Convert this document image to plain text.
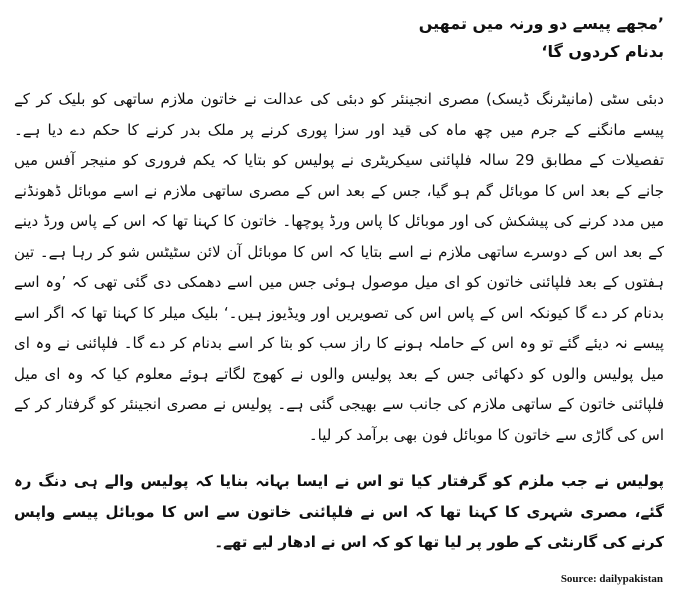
’مجھے پیسے دو ورنہ میں تمھیں بدنام کردوں گا‘

دبئی سٹی (مانیٹرنگ ڈیسک) مصری انجینئر کو دبئی کی عدالت نے خاتون ملازم ساتھی کو بلیک کر کے پیسے مانگنے کے جرم میں چھ ماہ کی قید اور سزا پوری کرنے پر ملک بدر کرنے کا حکم دے دیا ہے۔ تفصیلات کے مطابق 29 سالہ فلپائنی سیکریٹری نے پولیس کو بتایا کہ یکم فروری کو منیجر آفس میں جانے کے بعد اس کا موبائل گم ہو گیا، جس کے بعد اس کے مصری ساتھی ملازم نے اسے موبائل ڈھونڈنے میں مدد کرنے کی پیشکش کی اور موبائل کا پاس ورڈ پوچھا۔ خاتون کا کہنا تھا کہ اس کے پاس ورڈ دینے کے بعد اس کے دوسرے ساتھی ملازم نے اسے بتایا کہ اس کا موبائل آن لائن سٹیٹس شو کر رہا ہے۔ تین ہفتوں کے بعد فلپائنی خاتون کو ای میل موصول ہوئی جس میں اسے دھمکی دی گئی تھی کہ ’وہ اسے بدنام کر دے گا کیونکہ اس کے پاس اس کی تصویریں اور ویڈیوز ہیں۔‘ بلیک میلر کا کہنا تھا کہ اگر اسے پیسے نہ دیئے گئے تو وہ اس کے حاملہ ہونے کا راز سب کو بتا کر اسے بدنام کر دے گا۔ فلپائنی نے وہ ای میل پولیس والوں کو دکھائی جس کے بعد پولیس والوں نے کھوج لگاتے ہوئے معلوم کیا کہ وہ ای میل فلپائنی خاتون کے ساتھی ملازم کی جانب سے بھیجی گئی ہے۔ پولیس نے مصری انجینئر کو گرفتار کر کے اس کی گاڑی سے خاتون کا موبائل فون بھی برآمد کر لیا۔

پولیس نے جب ملزم کو گرفتار کیا تو اس نے ایسا بہانہ بنایا کہ پولیس والے ہی دنگ رہ گئے، مصری شہری کا کہنا تھا کہ اس نے فلپائنی خاتون سے اس کا موبائل پیسے واپس کرنے کی گارنٹی کے طور پر لیا تھا کو کہ اس نے ادھار لیے تھے۔

Source: dailypakistan
